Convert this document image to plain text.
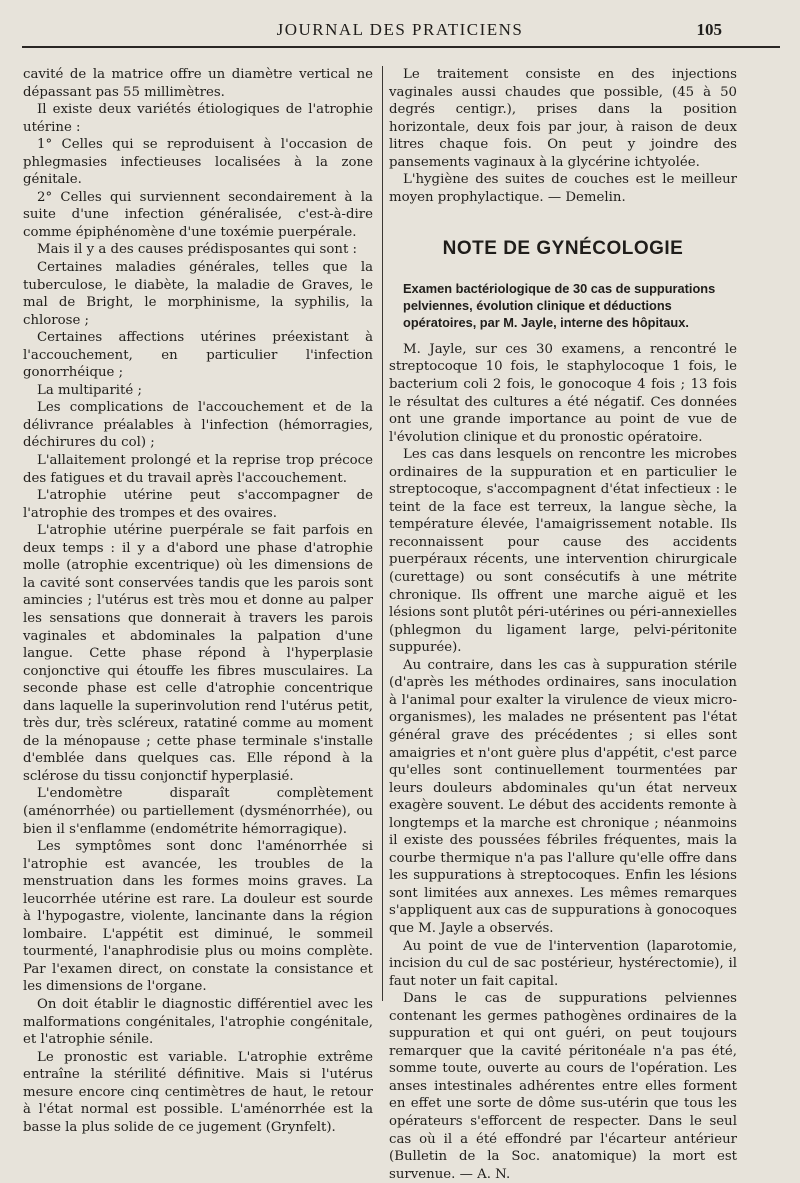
JOURNAL DES PRATICIENS	105

cavité de la matrice offre un diamètre vertical ne dépassant pas 55 millimètres.

Il existe deux variétés étiologiques de l'atrophie utérine :

1° Celles qui se reproduisent à l'occasion de phlegmasies infectieuses localisées à la zone génitale.

2° Celles qui surviennent secondairement à la suite d'une infection généralisée, c'est-à-dire comme épiphénomène d'une toxémie puerpérale.

Mais il y a des causes prédisposantes qui sont :

Certaines maladies générales, telles que la tuberculose, le diabète, la maladie de Graves, le mal de Bright, le morphinisme, la syphilis, la chlorose ;

Certaines affections utérines préexistant à l'accouchement, en particulier l'infection gonorrhéique ;

La multiparité ;

Les complications de l'accouchement et de la délivrance préalables à l'infection (hémorragies, déchirures du col) ;

L'allaitement prolongé et la reprise trop précoce des fatigues et du travail après l'accouchement.

L'atrophie utérine peut s'accompagner de l'atrophie des trompes et des ovaires.

L'atrophie utérine puerpérale se fait parfois en deux temps : il y a d'abord une phase d'atrophie molle (atrophie excentrique) où les dimensions de la cavité sont conservées tandis que les parois sont amincies ; l'utérus est très mou et donne au palper les sensations que donnerait à travers les parois vaginales et abdominales la palpation d'une langue. Cette phase répond à l'hyperplasie conjonctive qui étouffe les fibres musculaires. La seconde phase est celle d'atrophie concentrique dans laquelle la superinvolution rend l'utérus petit, très dur, très scléreux, ratatiné comme au moment de la ménopause ; cette phase terminale s'installe d'emblée dans quelques cas. Elle répond à la sclérose du tissu conjonctif hyperplasié.

L'endomètre disparaît complètement (aménorrhée) ou partiellement (dysménorrhée), ou bien il s'enflamme (endométrite hémorragique).

Les symptômes sont donc l'aménorrhée si l'atrophie est avancée, les troubles de la menstruation dans les formes moins graves. La leucorrhée utérine est rare. La douleur est sourde à l'hypogastre, violente, lancinante dans la région lombaire. L'appétit est diminué, le sommeil tourmenté, l'anaphrodisie plus ou moins complète. Par l'examen direct, on constate la consistance et les dimensions de l'organe.

On doit établir le diagnostic différentiel avec les malformations congénitales, l'atrophie congénitale, et l'atrophie sénile.

Le pronostic est variable. L'atrophie extrême entraîne la stérilité définitive. Mais si l'utérus mesure encore cinq centimètres de haut, le retour à l'état normal est possible. L'aménorrhée est la basse la plus solide de ce jugement (Grynfelt).

Le traitement consiste en des injections vaginales aussi chaudes que possible, (45 à 50 degrés centigr.), prises dans la position horizontale, deux fois par jour, à raison de deux litres chaque fois. On peut y joindre des pansements vaginaux à la glycérine ichtyolée.

L'hygiène des suites de couches est le meilleur moyen prophylactique. — Demelin.

NOTE DE GYNÉCOLOGIE

Examen bactériologique de 30 cas de suppurations pelviennes, évolution clinique et déductions opératoires, par M. Jayle, interne des hôpitaux.

M. Jayle, sur ces 30 examens, a rencontré le streptocoque 10 fois, le staphylocoque 1 fois, le bacterium coli 2 fois, le gonocoque 4 fois ; 13 fois le résultat des cultures a été négatif. Ces données ont une grande importance au point de vue de l'évolution clinique et du pronostic opératoire.

Les cas dans lesquels on rencontre les microbes ordinaires de la suppuration et en particulier le streptocoque, s'accompagnent d'état infectieux : le teint de la face est terreux, la langue sèche, la température élevée, l'amaigrissement notable. Ils reconnaissent pour cause des accidents puerpéraux récents, une intervention chirurgicale (curettage) ou sont consécutifs à une métrite chronique. Ils offrent une marche aiguë et les lésions sont plutôt péri-utérines ou péri-annexielles (phlegmon du ligament large, pelvi-péritonite suppurée).

Au contraire, dans les cas à suppuration stérile (d'après les méthodes ordinaires, sans inoculation à l'animal pour exalter la virulence de vieux micro-organismes), les malades ne présentent pas l'état général grave des précédentes ; si elles sont amaigries et n'ont guère plus d'appétit, c'est parce qu'elles sont continuellement tourmentées par leurs douleurs abdominales qu'un état nerveux exagère souvent. Le début des accidents remonte à longtemps et la marche est chronique ; néanmoins il existe des poussées fébriles fréquentes, mais la courbe thermique n'a pas l'allure qu'elle offre dans les suppurations à streptocoques. Enfin les lésions sont limitées aux annexes. Les mêmes remarques s'appliquent aux cas de suppurations à gonocoques que M. Jayle a observés.

Au point de vue de l'intervention (laparotomie, incision du cul de sac postérieur, hystérectomie), il faut noter un fait capital.

Dans le cas de suppurations pelviennes contenant les germes pathogènes ordinaires de la suppuration et qui ont guéri, on peut toujours remarquer que la cavité péritonéale n'a pas été, somme toute, ouverte au cours de l'opération. Les anses intestinales adhérentes entre elles forment en effet une sorte de dôme sus-utérin que tous les opérateurs s'efforcent de respecter. Dans le seul cas où il a été effondré par l'écarteur antérieur (Bulletin de la Soc. anatomique) la mort est survenue. — A. N.
